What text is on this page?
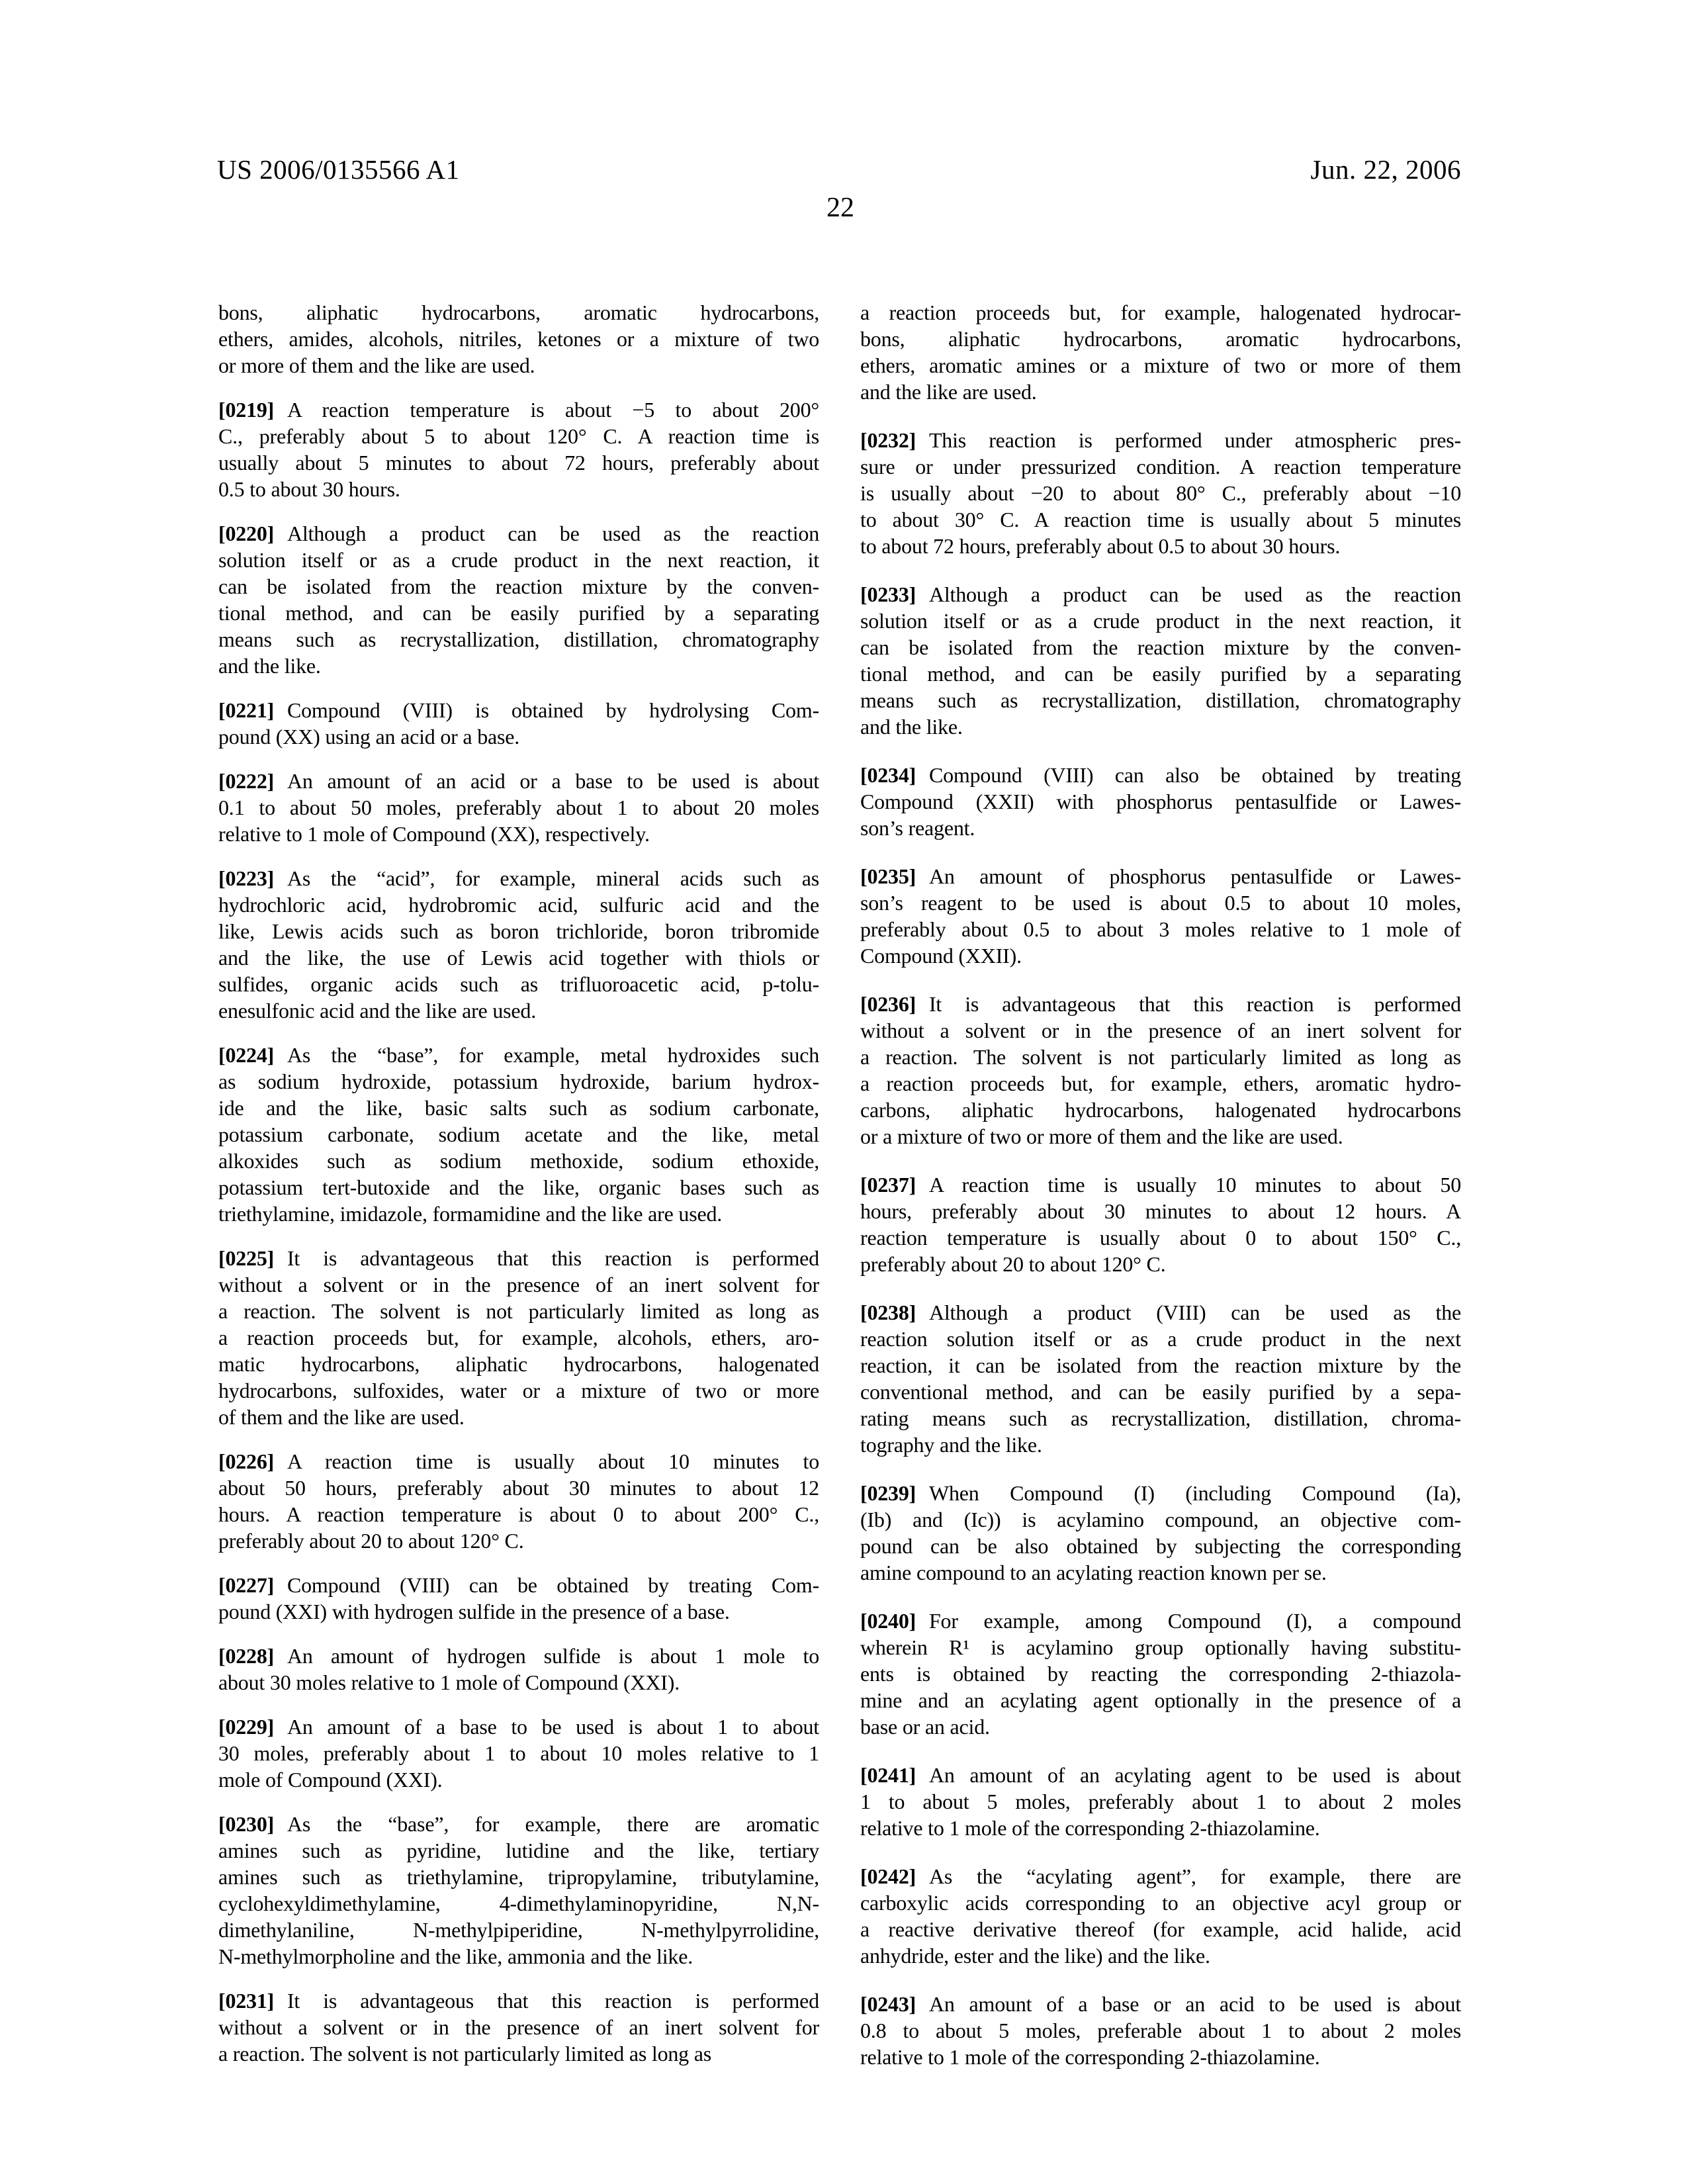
US 2006/0135566 A1	Jun. 22, 2006
22
bons, aliphatic hydrocarbons, aromatic hydrocarbons,
ethers, amides, alcohols, nitriles, ketones or a mixture of two
or more of them and the like are used.
[0219] A reaction temperature is about −5 to about 200°
C., preferably about 5 to about 120° C. A reaction time is
usually about 5 minutes to about 72 hours, preferably about
0.5 to about 30 hours.
[0220] Although a product can be used as the reaction
solution itself or as a crude product in the next reaction, it
can be isolated from the reaction mixture by the conven-
tional method, and can be easily purified by a separating
means such as recrystallization, distillation, chromatography
and the like.
[0221] Compound (VIII) is obtained by hydrolysing Com-
pound (XX) using an acid or a base.
[0222] An amount of an acid or a base to be used is about
0.1 to about 50 moles, preferably about 1 to about 20 moles
relative to 1 mole of Compound (XX), respectively.
[0223] As the “acid”, for example, mineral acids such as
hydrochloric acid, hydrobromic acid, sulfuric acid and the
like, Lewis acids such as boron trichloride, boron tribromide
and the like, the use of Lewis acid together with thiols or
sulfides, organic acids such as trifluoroacetic acid, p-tolu-
enesulfonic acid and the like are used.
[0224] As the “base”, for example, metal hydroxides such
as sodium hydroxide, potassium hydroxide, barium hydrox-
ide and the like, basic salts such as sodium carbonate,
potassium carbonate, sodium acetate and the like, metal
alkoxides such as sodium methoxide, sodium ethoxide,
potassium tert-butoxide and the like, organic bases such as
triethylamine, imidazole, formamidine and the like are used.
[0225] It is advantageous that this reaction is performed
without a solvent or in the presence of an inert solvent for
a reaction. The solvent is not particularly limited as long as
a reaction proceeds but, for example, alcohols, ethers, aro-
matic hydrocarbons, aliphatic hydrocarbons, halogenated
hydrocarbons, sulfoxides, water or a mixture of two or more
of them and the like are used.
[0226] A reaction time is usually about 10 minutes to
about 50 hours, preferably about 30 minutes to about 12
hours. A reaction temperature is about 0 to about 200° C.,
preferably about 20 to about 120° C.
[0227] Compound (VIII) can be obtained by treating Com-
pound (XXI) with hydrogen sulfide in the presence of a base.
[0228] An amount of hydrogen sulfide is about 1 mole to
about 30 moles relative to 1 mole of Compound (XXI).
[0229] An amount of a base to be used is about 1 to about
30 moles, preferably about 1 to about 10 moles relative to 1
mole of Compound (XXI).
[0230] As the “base”, for example, there are aromatic
amines such as pyridine, lutidine and the like, tertiary
amines such as triethylamine, tripropylamine, tributylamine,
cyclohexyldimethylamine, 4-dimethylaminopyridine, N,N-
dimethylaniline, N-methylpiperidine, N-methylpyrrolidine,
N-methylmorpholine and the like, ammonia and the like.
[0231] It is advantageous that this reaction is performed
without a solvent or in the presence of an inert solvent for
a reaction. The solvent is not particularly limited as long as
a reaction proceeds but, for example, halogenated hydrocar-
bons, aliphatic hydrocarbons, aromatic hydrocarbons,
ethers, aromatic amines or a mixture of two or more of them
and the like are used.
[0232] This reaction is performed under atmospheric pres-
sure or under pressurized condition. A reaction temperature
is usually about −20 to about 80° C., preferably about −10
to about 30° C. A reaction time is usually about 5 minutes
to about 72 hours, preferably about 0.5 to about 30 hours.
[0233] Although a product can be used as the reaction
solution itself or as a crude product in the next reaction, it
can be isolated from the reaction mixture by the conven-
tional method, and can be easily purified by a separating
means such as recrystallization, distillation, chromatography
and the like.
[0234] Compound (VIII) can also be obtained by treating
Compound (XXII) with phosphorus pentasulfide or Lawes-
son’s reagent.
[0235] An amount of phosphorus pentasulfide or Lawes-
son’s reagent to be used is about 0.5 to about 10 moles,
preferably about 0.5 to about 3 moles relative to 1 mole of
Compound (XXII).
[0236] It is advantageous that this reaction is performed
without a solvent or in the presence of an inert solvent for
a reaction. The solvent is not particularly limited as long as
a reaction proceeds but, for example, ethers, aromatic hydro-
carbons, aliphatic hydrocarbons, halogenated hydrocarbons
or a mixture of two or more of them and the like are used.
[0237] A reaction time is usually 10 minutes to about 50
hours, preferably about 30 minutes to about 12 hours. A
reaction temperature is usually about 0 to about 150° C.,
preferably about 20 to about 120° C.
[0238] Although a product (VIII) can be used as the
reaction solution itself or as a crude product in the next
reaction, it can be isolated from the reaction mixture by the
conventional method, and can be easily purified by a sepa-
rating means such as recrystallization, distillation, chroma-
tography and the like.
[0239] When Compound (I) (including Compound (Ia),
(Ib) and (Ic)) is acylamino compound, an objective com-
pound can be also obtained by subjecting the corresponding
amine compound to an acylating reaction known per se.
[0240] For example, among Compound (I), a compound
wherein R¹ is acylamino group optionally having substitu-
ents is obtained by reacting the corresponding 2-thiazola-
mine and an acylating agent optionally in the presence of a
base or an acid.
[0241] An amount of an acylating agent to be used is about
1 to about 5 moles, preferably about 1 to about 2 moles
relative to 1 mole of the corresponding 2-thiazolamine.
[0242] As the “acylating agent”, for example, there are
carboxylic acids corresponding to an objective acyl group or
a reactive derivative thereof (for example, acid halide, acid
anhydride, ester and the like) and the like.
[0243] An amount of a base or an acid to be used is about
0.8 to about 5 moles, preferable about 1 to about 2 moles
relative to 1 mole of the corresponding 2-thiazolamine.
